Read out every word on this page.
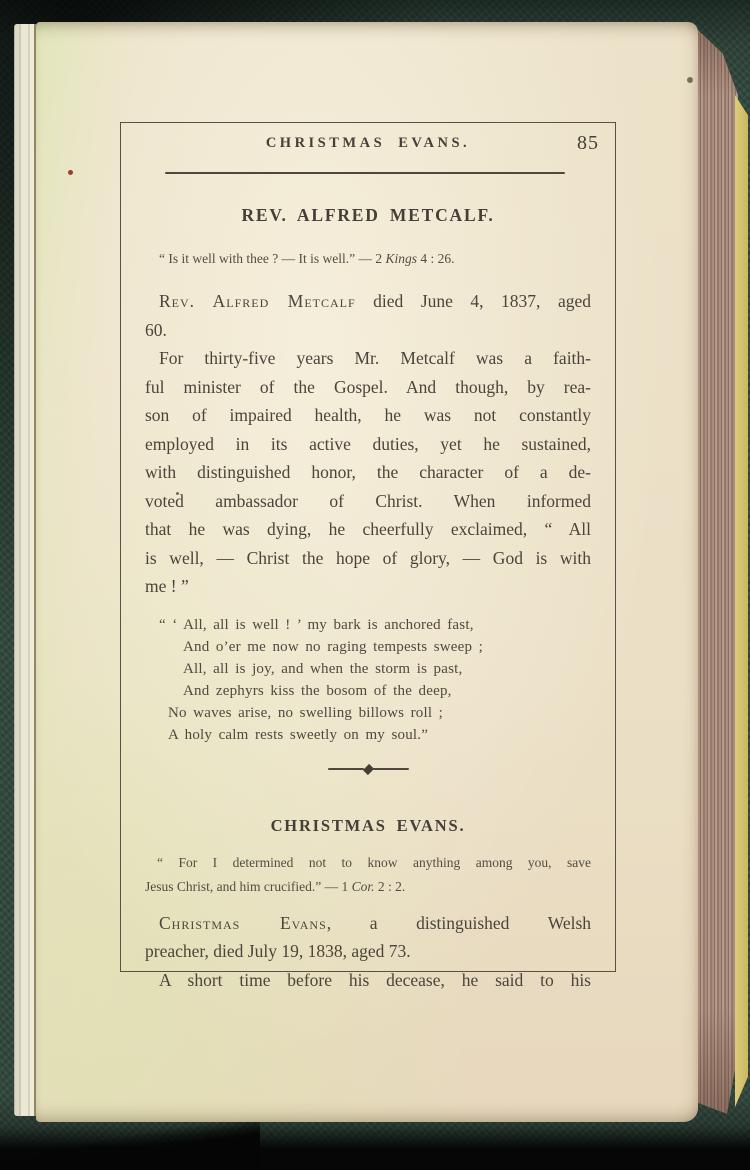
CHRISTMAS EVANS.	85
REV. ALFRED METCALF.
“ Is it well with thee ? — It is well.” — 2 Kings 4 : 26.
Rev. Alfred Metcalf died June 4, 1837, aged
60.
For thirty-five years Mr. Metcalf was a faith-
ful minister of the Gospel. And though, by rea-
son of impaired health, he was not constantly
employed in its active duties, yet he sustained,
with distinguished honor, the character of a de-
voted ambassador of Christ. When informed
that he was dying, he cheerfully exclaimed, “ All
is well, — Christ the hope of glory, — God is with
me ! ”
“ ‘ All, all is well ! ’ my bark is anchored fast,
And o’er me now no raging tempests sweep ;
All, all is joy, and when the storm is past,
And zephyrs kiss the bosom of the deep,
No waves arise, no swelling billows roll ;
A holy calm rests sweetly on my soul.”
CHRISTMAS EVANS.
“ For I determined not to know anything among you, save
Jesus Christ, and him crucified.” — 1 Cor. 2 : 2.
Christmas Evans, a distinguished Welsh
preacher, died July 19, 1838, aged 73.
A short time before his decease, he said to his
